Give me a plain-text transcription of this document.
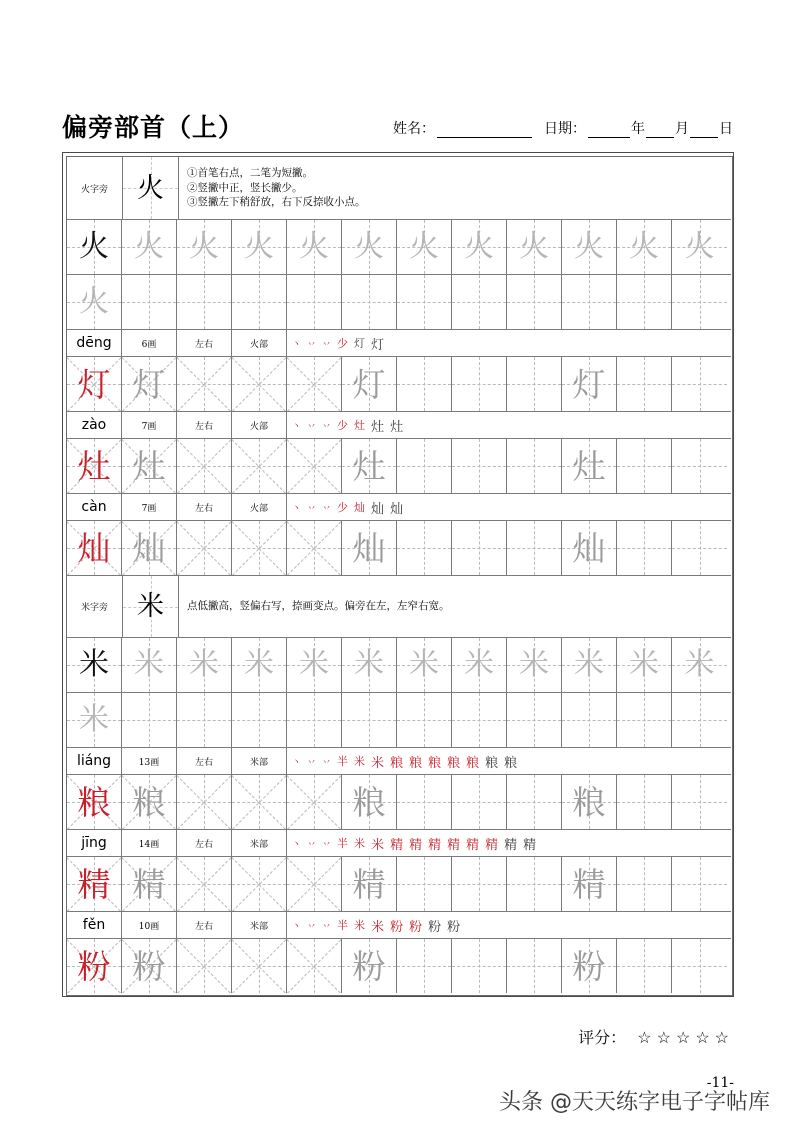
偏旁部首（上）	姓名：	日期：	年 月 日
火字旁 火 ①首笔右点，二笔为短撇。
②竖撇中正，竖长撇少。
③竖撇左下稍舒放，右下反捺收小点。
火 火 火 火 火 火 火 火 火 火 火 火
火
dēng	6画	左右	火部	丶 丷 丷 少 灯 灯
灯 灯	灯	灯
zào	7画	左右	火部	丶 丷 丷 少 灶 灶 灶
灶 灶	灶	灶
càn	7画	左右	火部	丶 丷 丷 少 灿 灿 灿
灿 灿	灿	灿
米字旁 米 点低撇高，竖偏右写，捺画变点。偏旁在左，左窄右宽。
米 米 米 米 米 米 米 米 米 米 米 米
米
liáng	13画	左右	米部	丶 丷 丷 半 米 米 粮 粮 粮 粮 粮 粮 粮
粮 粮	粮	粮
jīng	14画	左右	米部	丶 丷 丷 半 米 米 精 精 精 精 精 精 精 精
精 精	精	精
fěn	10画	左右	米部	丶 丷 丷 半 米 米 粉 粉 粉 粉
粉 粉	粉	粉
评分： ☆☆☆☆☆
-11-
头条 @天天练字电子字帖库
